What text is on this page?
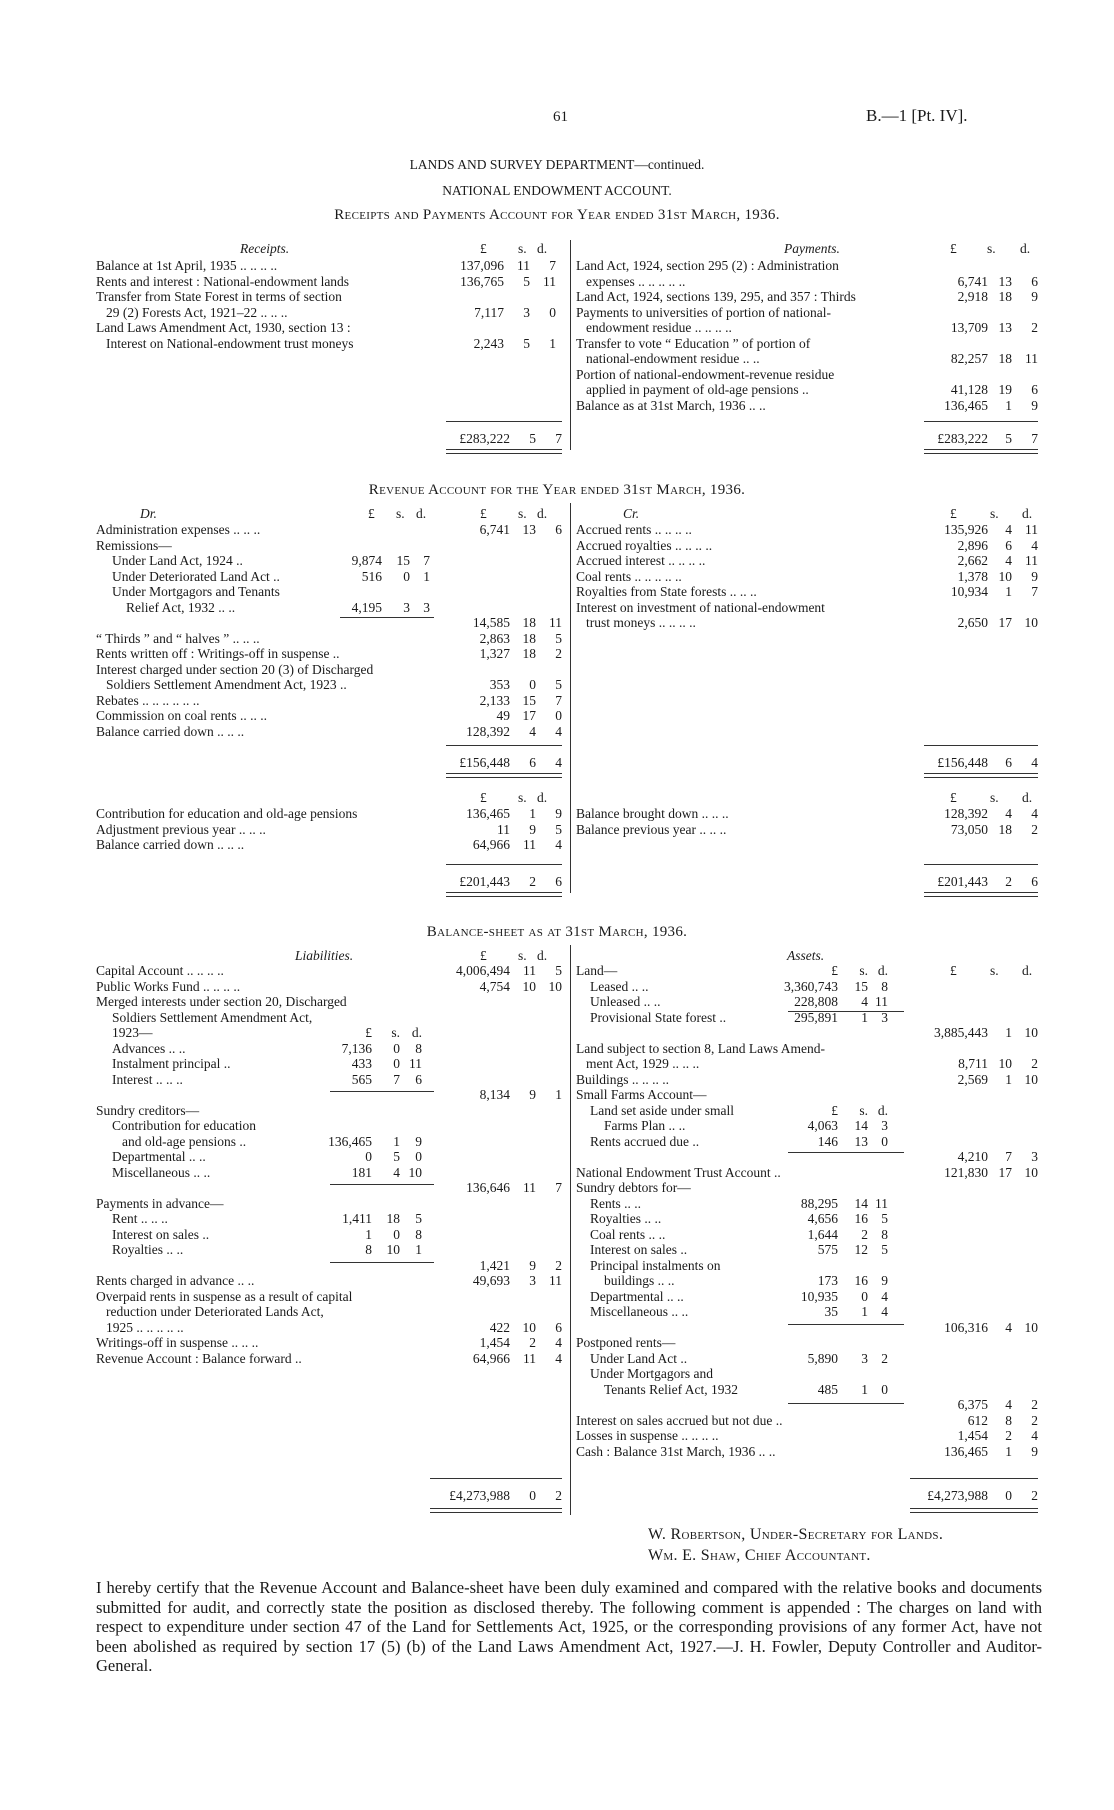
61	B.—1 [Pt. IV].
LANDS AND SURVEY DEPARTMENT—continued.
NATIONAL ENDOWMENT ACCOUNT.
Receipts and Payments Account for Year ended 31st March, 1936.
Receipts.	Payments.
£ s. d.	£ s. d.
Balance at 1st April, 1935 .. .. .. ..	137,096 11 7
Rents and interest : National-endowment lands	136,765 5 11
Transfer from State Forest in terms of section
29 (2) Forests Act, 1921–22 .. .. ..	7,117 3 0
Land Laws Amendment Act, 1930, section 13 :
Interest on National-endowment trust moneys	2,243 5 1
Land Act, 1924, section 295 (2) : Administration
expenses .. .. .. .. ..	6,741 13 6
Land Act, 1924, sections 139, 295, and 357 : Thirds	2,918 18 9
Payments to universities of portion of national-
endowment residue .. .. .. ..	13,709 13 2
Transfer to vote “ Education ” of portion of
national-endowment residue .. ..	82,257 18 11
Portion of national-endowment-revenue residue
applied in payment of old-age pensions ..	41,128 19 6
Balance as at 31st March, 1936 .. ..	136,465 1 9
£283,222 5 7	£283,222 5 7
Revenue Account for the Year ended 31st March, 1936.
Dr.	Cr.
£ s. d.	£ s. d.	£ s. d.
Administration expenses .. .. ..	6,741 13 6
Remissions—
Under Land Act, 1924 ..	9,874 15 7
Under Deteriorated Land Act ..	516 0 1
Under Mortgagors and Tenants
Relief Act, 1932 .. ..	4,195 3 3
14,585 18 11
“ Thirds ” and “ halves ” .. .. ..	2,863 18 5
Rents written off : Writings-off in suspense ..	1,327 18 2
Interest charged under section 20 (3) of Discharged
Soldiers Settlement Amendment Act, 1923 ..	353 0 5
Rebates .. .. .. .. .. ..	2,133 15 7
Commission on coal rents .. .. ..	49 17 0
Balance carried down .. .. ..	128,392 4 4
Accrued rents .. .. .. ..	135,926 4 11
Accrued royalties .. .. .. ..	2,896 6 4
Accrued interest .. .. .. ..	2,662 4 11
Coal rents .. .. .. .. ..	1,378 10 9
Royalties from State forests .. .. ..	10,934 1 7
Interest on investment of national-endowment
trust moneys .. .. .. ..	2,650 17 10
£156,448 6 4	£156,448 6 4
£ s. d.	£ s. d.
Contribution for education and old-age pensions	136,465 1 9
Adjustment previous year .. .. ..	11 9 5
Balance carried down .. .. ..	64,966 11 4
Balance brought down .. .. ..	128,392 4 4
Balance previous year .. .. ..	73,050 18 2
£201,443 2 6	£201,443 2 6
Balance-sheet as at 31st March, 1936.
Liabilities.	Assets.
£ s. d.
£ s. d.
Capital Account .. .. .. ..	4,006,494 11 5
Public Works Fund .. .. .. ..	4,754 10 10
Merged interests under section 20, Discharged
Soldiers Settlement Amendment Act,
1923—	£ s. d.
Advances .. ..	7,136 0 8
Instalment principal ..	433 0 11
Interest .. .. ..	565 7 6
8,134 9 1
Sundry creditors—
Contribution for education
and old-age pensions ..	136,465 1 9
Departmental .. ..	0 5 0
Miscellaneous .. ..	181 4 10
136,646 11 7
Payments in advance—
Rent .. .. ..	1,411 18 5
Interest on sales ..	1 0 8
Royalties .. ..	8 10 1
1,421 9 2
Rents charged in advance .. ..	49,693 3 11
Overpaid rents in suspense as a result of capital
reduction under Deteriorated Lands Act,
1925 .. .. .. .. ..	422 10 6
Writings-off in suspense .. .. ..	1,454 2 4
Revenue Account : Balance forward ..	64,966 11 4
Land—	£ s. d.
Leased .. ..	3,360,743 15 8
Unleased .. ..	228,808 4 11
Provisional State forest ..	295,891 1 3
3,885,443 1 10
Land subject to section 8, Land Laws Amend-
ment Act, 1929 .. .. ..	8,711 10 2
Buildings .. .. .. ..	2,569 1 10
Small Farms Account—
Land set aside under small	£ s. d.
Farms Plan .. ..	4,063 14 3
Rents accrued due ..	146 13 0
4,210 7 3
National Endowment Trust Account ..	121,830 17 10
Sundry debtors for—
Rents .. ..	88,295 14 11
Royalties .. ..	4,656 16 5
Coal rents .. ..	1,644 2 8
Interest on sales ..	575 12 5
Principal instalments on
buildings .. ..	173 16 9
Departmental .. ..	10,935 0 4
Miscellaneous .. ..	35 1 4
106,316 4 10
Postponed rents—
Under Land Act ..	5,890 3 2
Under Mortgagors and
Tenants Relief Act, 1932	485 1 0
6,375 4 2
Interest on sales accrued but not due ..	612 8 2
Losses in suspense .. .. .. ..	1,454 2 4
Cash : Balance 31st March, 1936 .. ..	136,465 1 9
£4,273,988 0 2	£4,273,988 0 2
W. Robertson, Under-Secretary for Lands.
Wm. E. Shaw, Chief Accountant.
I hereby certify that the Revenue Account and Balance-sheet have been duly examined and compared with the relative books and documents submitted for audit, and correctly state the position as disclosed thereby. The following comment is appended : The charges on land with respect to expenditure under section 47 of the Land for Settlements Act, 1925, or the corresponding provisions of any former Act, have not been abolished as required by section 17 (5) (b) of the Land Laws Amendment Act, 1927.—J. H. Fowler, Deputy Controller and Auditor-General.
